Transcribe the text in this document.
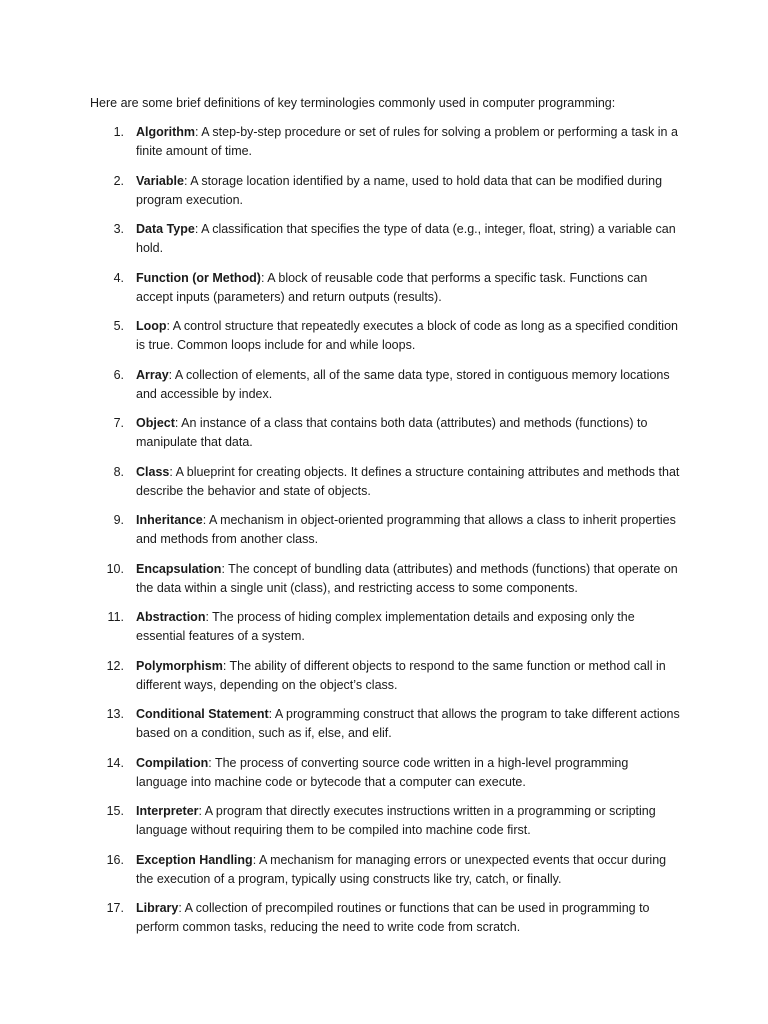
Here are some brief definitions of key terminologies commonly used in computer programming:

1. Algorithm: A step-by-step procedure or set of rules for solving a problem or performing a task in a finite amount of time.
2. Variable: A storage location identified by a name, used to hold data that can be modified during program execution.
3. Data Type: A classification that specifies the type of data (e.g., integer, float, string) a variable can hold.
4. Function (or Method): A block of reusable code that performs a specific task. Functions can accept inputs (parameters) and return outputs (results).
5. Loop: A control structure that repeatedly executes a block of code as long as a specified condition is true. Common loops include for and while loops.
6. Array: A collection of elements, all of the same data type, stored in contiguous memory locations and accessible by index.
7. Object: An instance of a class that contains both data (attributes) and methods (functions) to manipulate that data.
8. Class: A blueprint for creating objects. It defines a structure containing attributes and methods that describe the behavior and state of objects.
9. Inheritance: A mechanism in object-oriented programming that allows a class to inherit properties and methods from another class.
10. Encapsulation: The concept of bundling data (attributes) and methods (functions) that operate on the data within a single unit (class), and restricting access to some components.
11. Abstraction: The process of hiding complex implementation details and exposing only the essential features of a system.
12. Polymorphism: The ability of different objects to respond to the same function or method call in different ways, depending on the object’s class.
13. Conditional Statement: A programming construct that allows the program to take different actions based on a condition, such as if, else, and elif.
14. Compilation: The process of converting source code written in a high-level programming language into machine code or bytecode that a computer can execute.
15. Interpreter: A program that directly executes instructions written in a programming or scripting language without requiring them to be compiled into machine code first.
16. Exception Handling: A mechanism for managing errors or unexpected events that occur during the execution of a program, typically using constructs like try, catch, or finally.
17. Library: A collection of precompiled routines or functions that can be used in programming to perform common tasks, reducing the need to write code from scratch.
